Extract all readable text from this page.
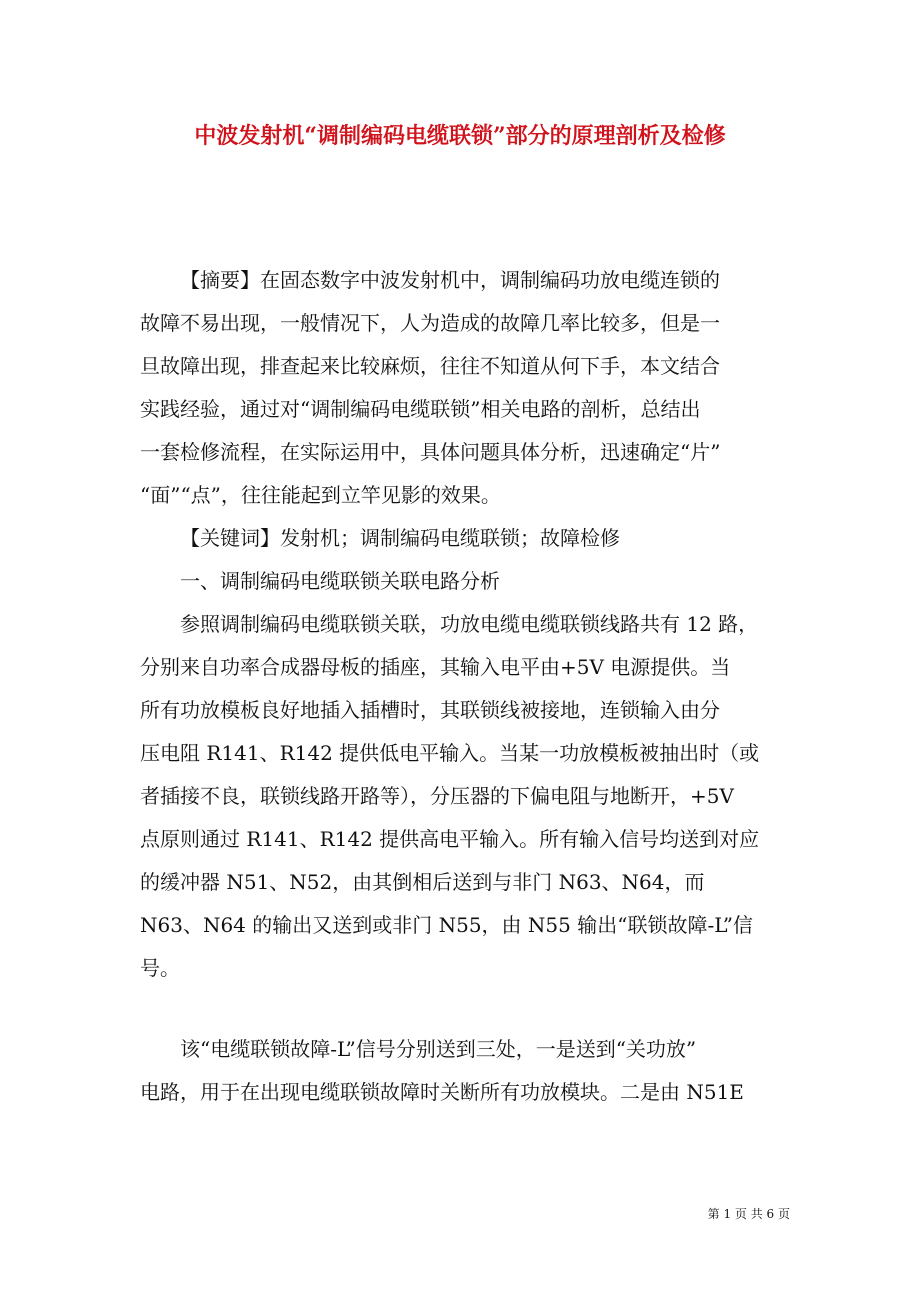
中波发射机“调制编码电缆联锁”部分的原理剖析及检修
【摘要】在固态数字中波发射机中，调制编码功放电缆连锁的
故障不易出现，一般情况下，人为造成的故障几率比较多，但是一
旦故障出现，排查起来比较麻烦，往往不知道从何下手，本文结合
实践经验，通过对“调制编码电缆联锁”相关电路的剖析，总结出
一套检修流程，在实际运用中，具体问题具体分析，迅速确定“片”
“面”“点”，往往能起到立竿见影的效果。
【关键词】发射机；调制编码电缆联锁；故障检修
一、调制编码电缆联锁关联电路分析
参照调制编码电缆联锁关联，功放电缆电缆联锁线路共有 12 路，
分别来自功率合成器母板的插座，其输入电平由+5V 电源提供。当
所有功放模板良好地插入插槽时，其联锁线被接地，连锁输入由分
压电阻 R141、R142 提供低电平输入。当某一功放模板被抽出时（或
者插接不良，联锁线路开路等），分压器的下偏电阻与地断开，+5V
点原则通过 R141、R142 提供高电平输入。所有输入信号均送到对应
的缓冲器 N51、N52，由其倒相后送到与非门 N63、N64，而
N63、N64 的输出又送到或非门 N55，由 N55 输出“联锁故障-L”信
号。
该“电缆联锁故障-L”信号分别送到三处，一是送到“关功放”
电路，用于在出现电缆联锁故障时关断所有功放模块。二是由 N51E
第 1 页 共 6 页
